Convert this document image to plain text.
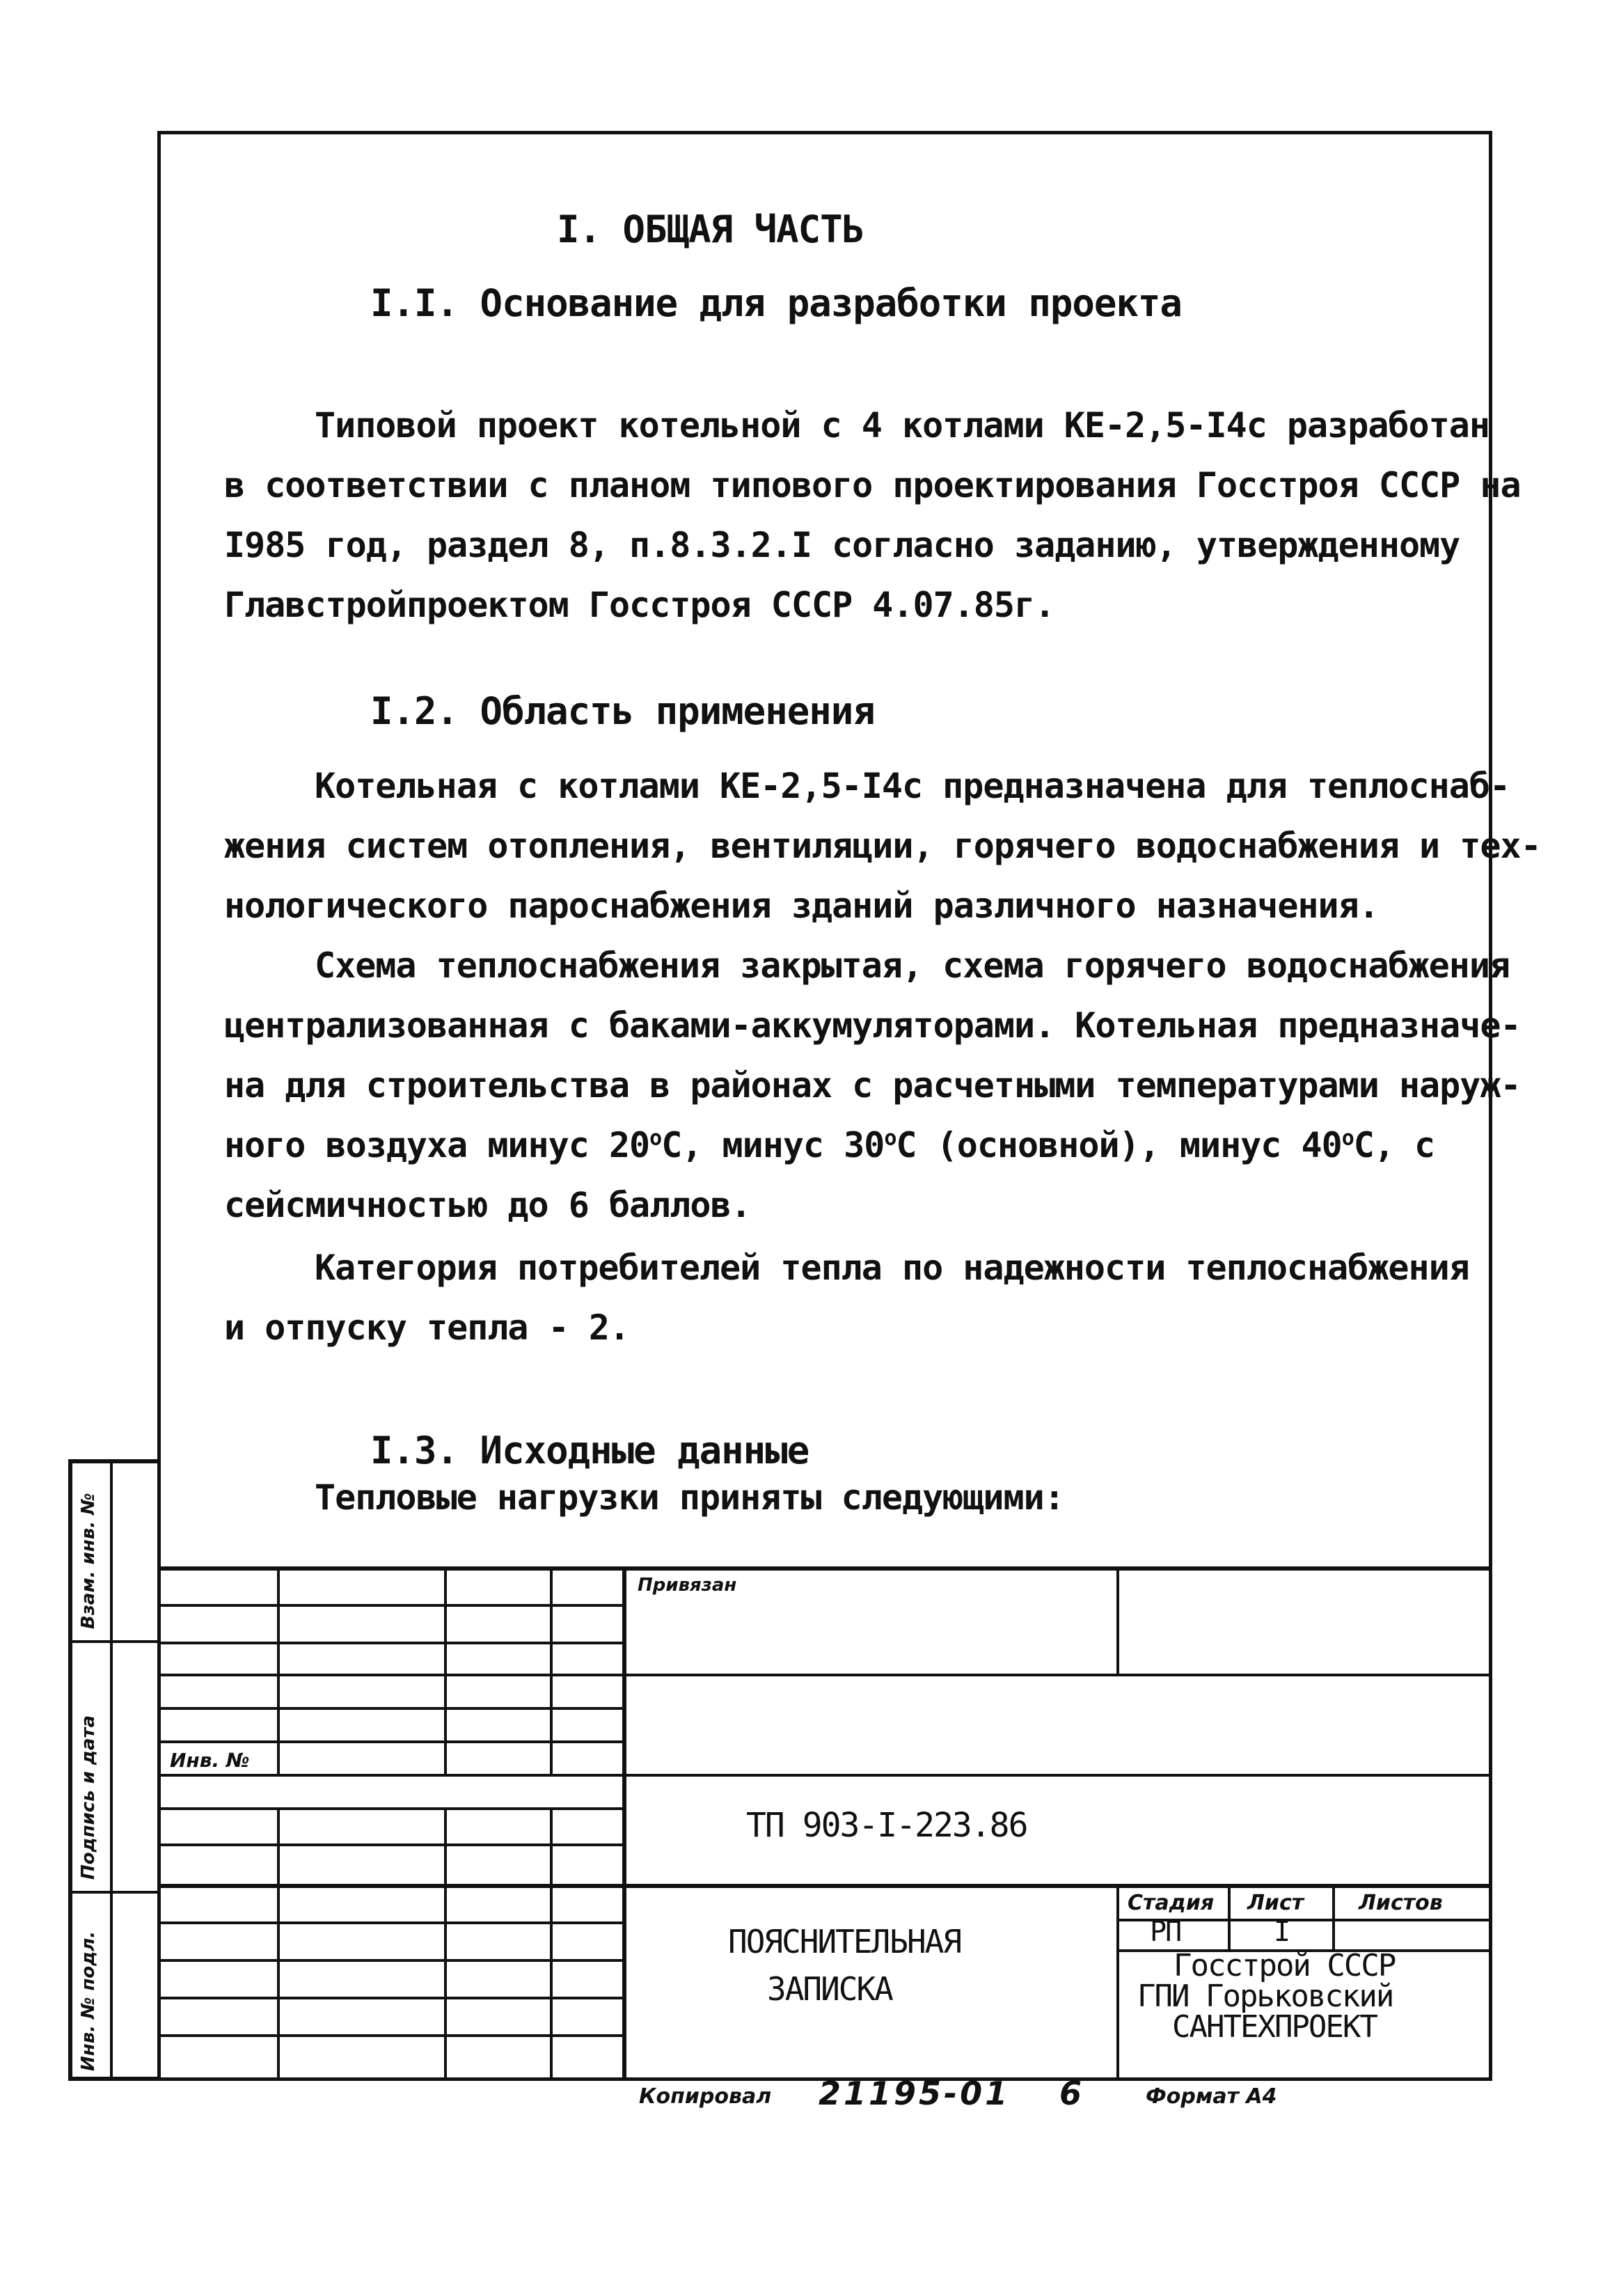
I. ОБЩАЯ ЧАСТЬ
I.I. Основание для разработки проекта
Типовой проект котельной с 4 котлами КЕ-2,5-I4с разработан
в соответствии с планом типового проектирования Госстроя СССР на
I985 год, раздел 8, п.8.3.2.I согласно заданию, утвержденному
Главстройпроектом Госстроя СССР 4.07.85г.
I.2. Область применения
Котельная с котлами КЕ-2,5-I4с предназначена для теплоснаб-
жения систем отопления, вентиляции, горячего водоснабжения и тех-
нологического пароснабжения зданий различного назначения.
Схема теплоснабжения закрытая, схема горячего водоснабжения
централизованная с баками-аккумуляторами. Котельная предназначе-
на для строительства в районах с расчетными температурами наруж-
ного воздуха минус $20^оС$, минус $30^оС$ (основной), минус $40^оС$, с
сейсмичностью до 6 баллов.
Категория потребителей тепла по надежности теплоснабжения
и отпуску тепла - 2.
I.3. Исходные данные
Тепловые нагрузки приняты следующими:
Взам. инв. №
Подпись и дата
Инв. № подл.
Привязан
Инв. №
ТП 903-I-223.86
ПОЯСНИТЕЛЬНАЯ
ЗАПИСКА
Стадия Лист	Листов
РП	I
Госстрой СССР
ГПИ Горьковский
САНТЕХПРОЕКТ
Копировал 21195-01 6	Формат А4
